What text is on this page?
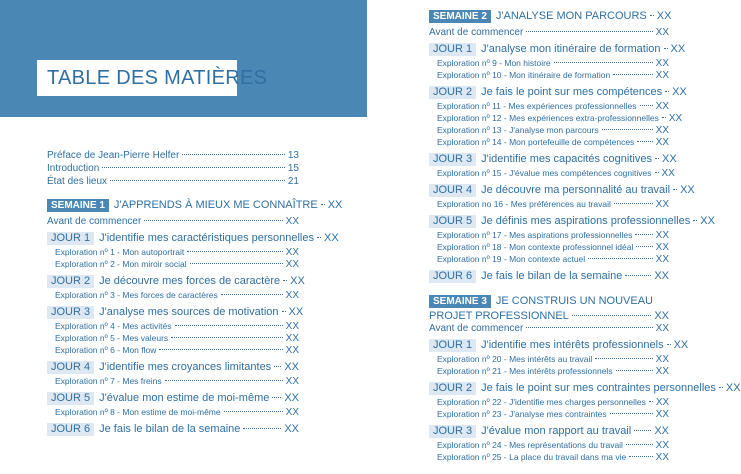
TABLE DES MATIÈRES
Préface de Jean-Pierre Helfer	13
Introduction	15
État des lieux	21
SEMAINE 1 J'APPRENDS À MIEUX ME CONNAÎTRE XX
Avant de commencer	XX
JOUR 1 J'identifie mes caractéristiques personnelles XX
Exploration nº 1 - Mon autoportrait	XX
Exploration nº 2 - Mon miroir social	XX
JOUR 2 Je découvre mes forces de caractère XX
Exploration nº 3 - Mes forces de caractères	XX
JOUR 3 J'analyse mes sources de motivation XX
Exploration nº 4 - Mes activités	XX
Exploration nº 5 - Mes valeurs	XX
Exploration nº 6 - Mon flow	XX
JOUR 4 J'identifie mes croyances limitantes XX
Exploration nº 7 - Mes freins	XX
JOUR 5 J'évalue mon estime de moi-même XX
Exploration nº 8 - Mon estime de moi-même	XX
JOUR 6 Je fais le bilan de la semaine	XX
SEMAINE 2 J'ANALYSE MON PARCOURS XX
Avant de commencer	XX
JOUR 1 J'analyse mon itinéraire de formation XX
Exploration nº 9 - Mon histoire	XX
Exploration nº 10 - Mon itinéraire de formation	XX
JOUR 2 Je fais le point sur mes compétences XX
Exploration nº 11 - Mes expériences professionnelles XX
Exploration nº 12 - Mes expériences extra-professionnelles XX
Exploration nº 13 - J'analyse mon parcours	XX
Exploration nº 14 - Mon portefeuille de compétences XX
JOUR 3 J'identifie mes capacités cognitives XX
Exploration nº 15 - J'évalue mes compétences cognitives XX
JOUR 4 Je découvre ma personnalité au travail XX
Exploration no 16 - Mes préférences au travail	XX
JOUR 5 Je définis mes aspirations professionnelles XX
Exploration nº 17 - Mes aspirations professionnelles XX
Exploration nº 18 - Mon contexte professionnel idéal XX
Exploration nº 19 - Mon contexte actuel	XX
JOUR 6 Je fais le bilan de la semaine	XX
SEMAINE 3 JE CONSTRUIS UN NOUVEAU
PROJET PROFESSIONNEL	XX
Avant de commencer	XX
JOUR 1 J'identifie mes intérêts professionnels XX
Exploration nº 20 - Mes intérêts au travail	XX
Exploration nº 21 - Mes intérêts professionnels	XX
JOUR 2 Je fais le point sur mes contraintes personnelles XX
Exploration nº 22 - J'identifie mes charges personnelles XX
Exploration nº 23 - J'analyse mes contraintes	XX
JOUR 3 J'évalue mon rapport au travail XX
Exploration nº 24 - Mes représentations du travail	XX
Exploration nº 25 - La place du travail dans ma vie	XX
